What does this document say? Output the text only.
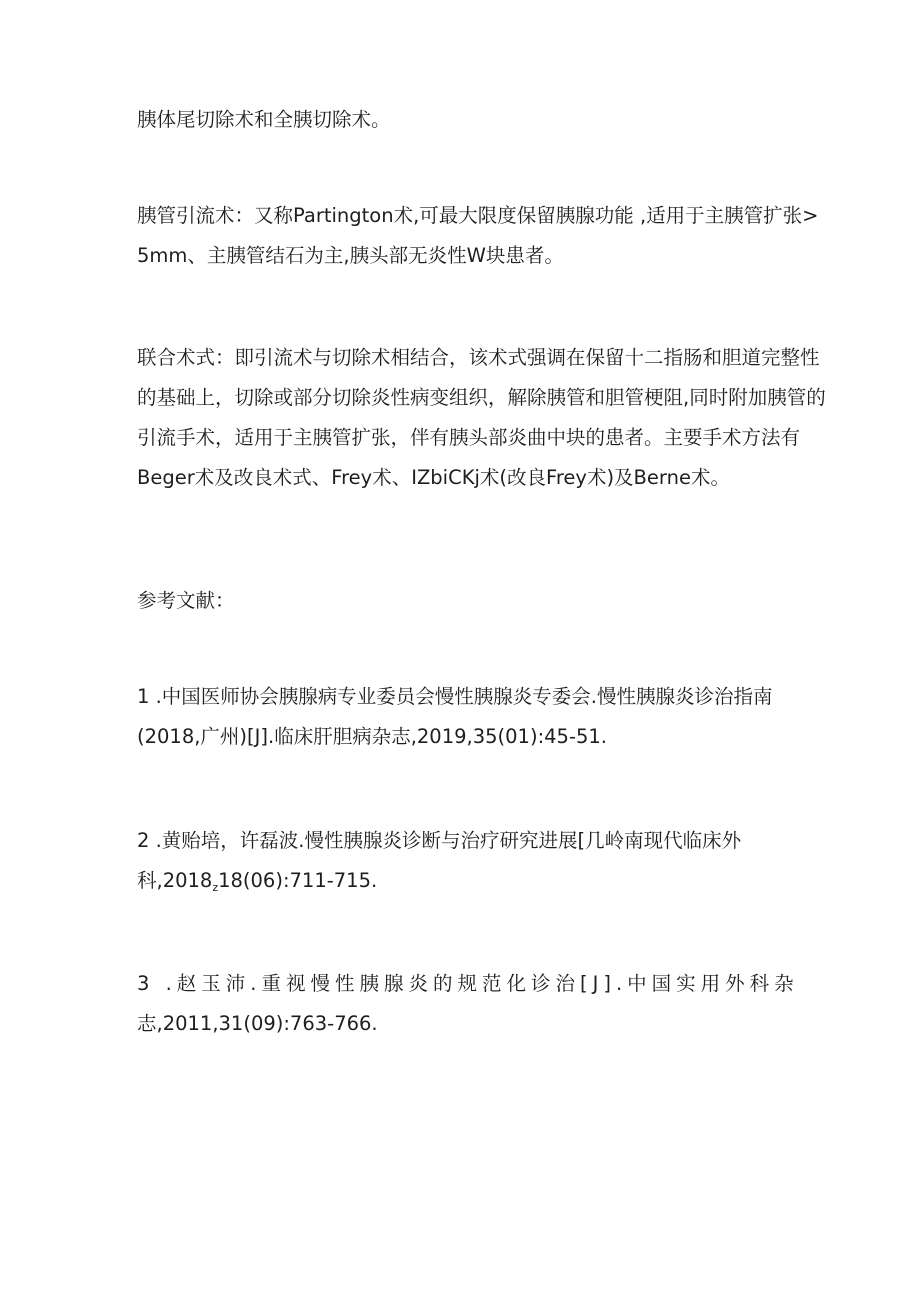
胰体尾切除术和全胰切除术。
胰管引流术：又称Partington术,可最大限度保留胰腺功能 ,适用于主胰管扩张>
5mm、主胰管结石为主,胰头部无炎性W块患者。
联合术式：即引流术与切除术相结合，该术式强调在保留十二指肠和胆道完整性
的基础上，切除或部分切除炎性病变组织，解除胰管和胆管梗阻,同时附加胰管的
引流手术，适用于主胰管扩张，伴有胰头部炎曲中块的患者。主要手术方法有
Beger术及改良术式、Frey术、IZbiCKj术(改良Frey术)及Berne术。
参考文献：
1 .中国医师协会胰腺病专业委员会慢性胰腺炎专委会.慢性胰腺炎诊治指南
(2018,广州)[J].临床肝胆病杂志,2019,35(01):45-51.
2 .黄贻培，许磊波.慢性胰腺炎诊断与治疗研究进展[几岭南现代临床外
科$,2018_z18(06):711-715$.
3 .赵玉沛.重视慢性胰腺炎的规范化诊治[J].中国实用外科杂
志,2011,31(09):763-766.
